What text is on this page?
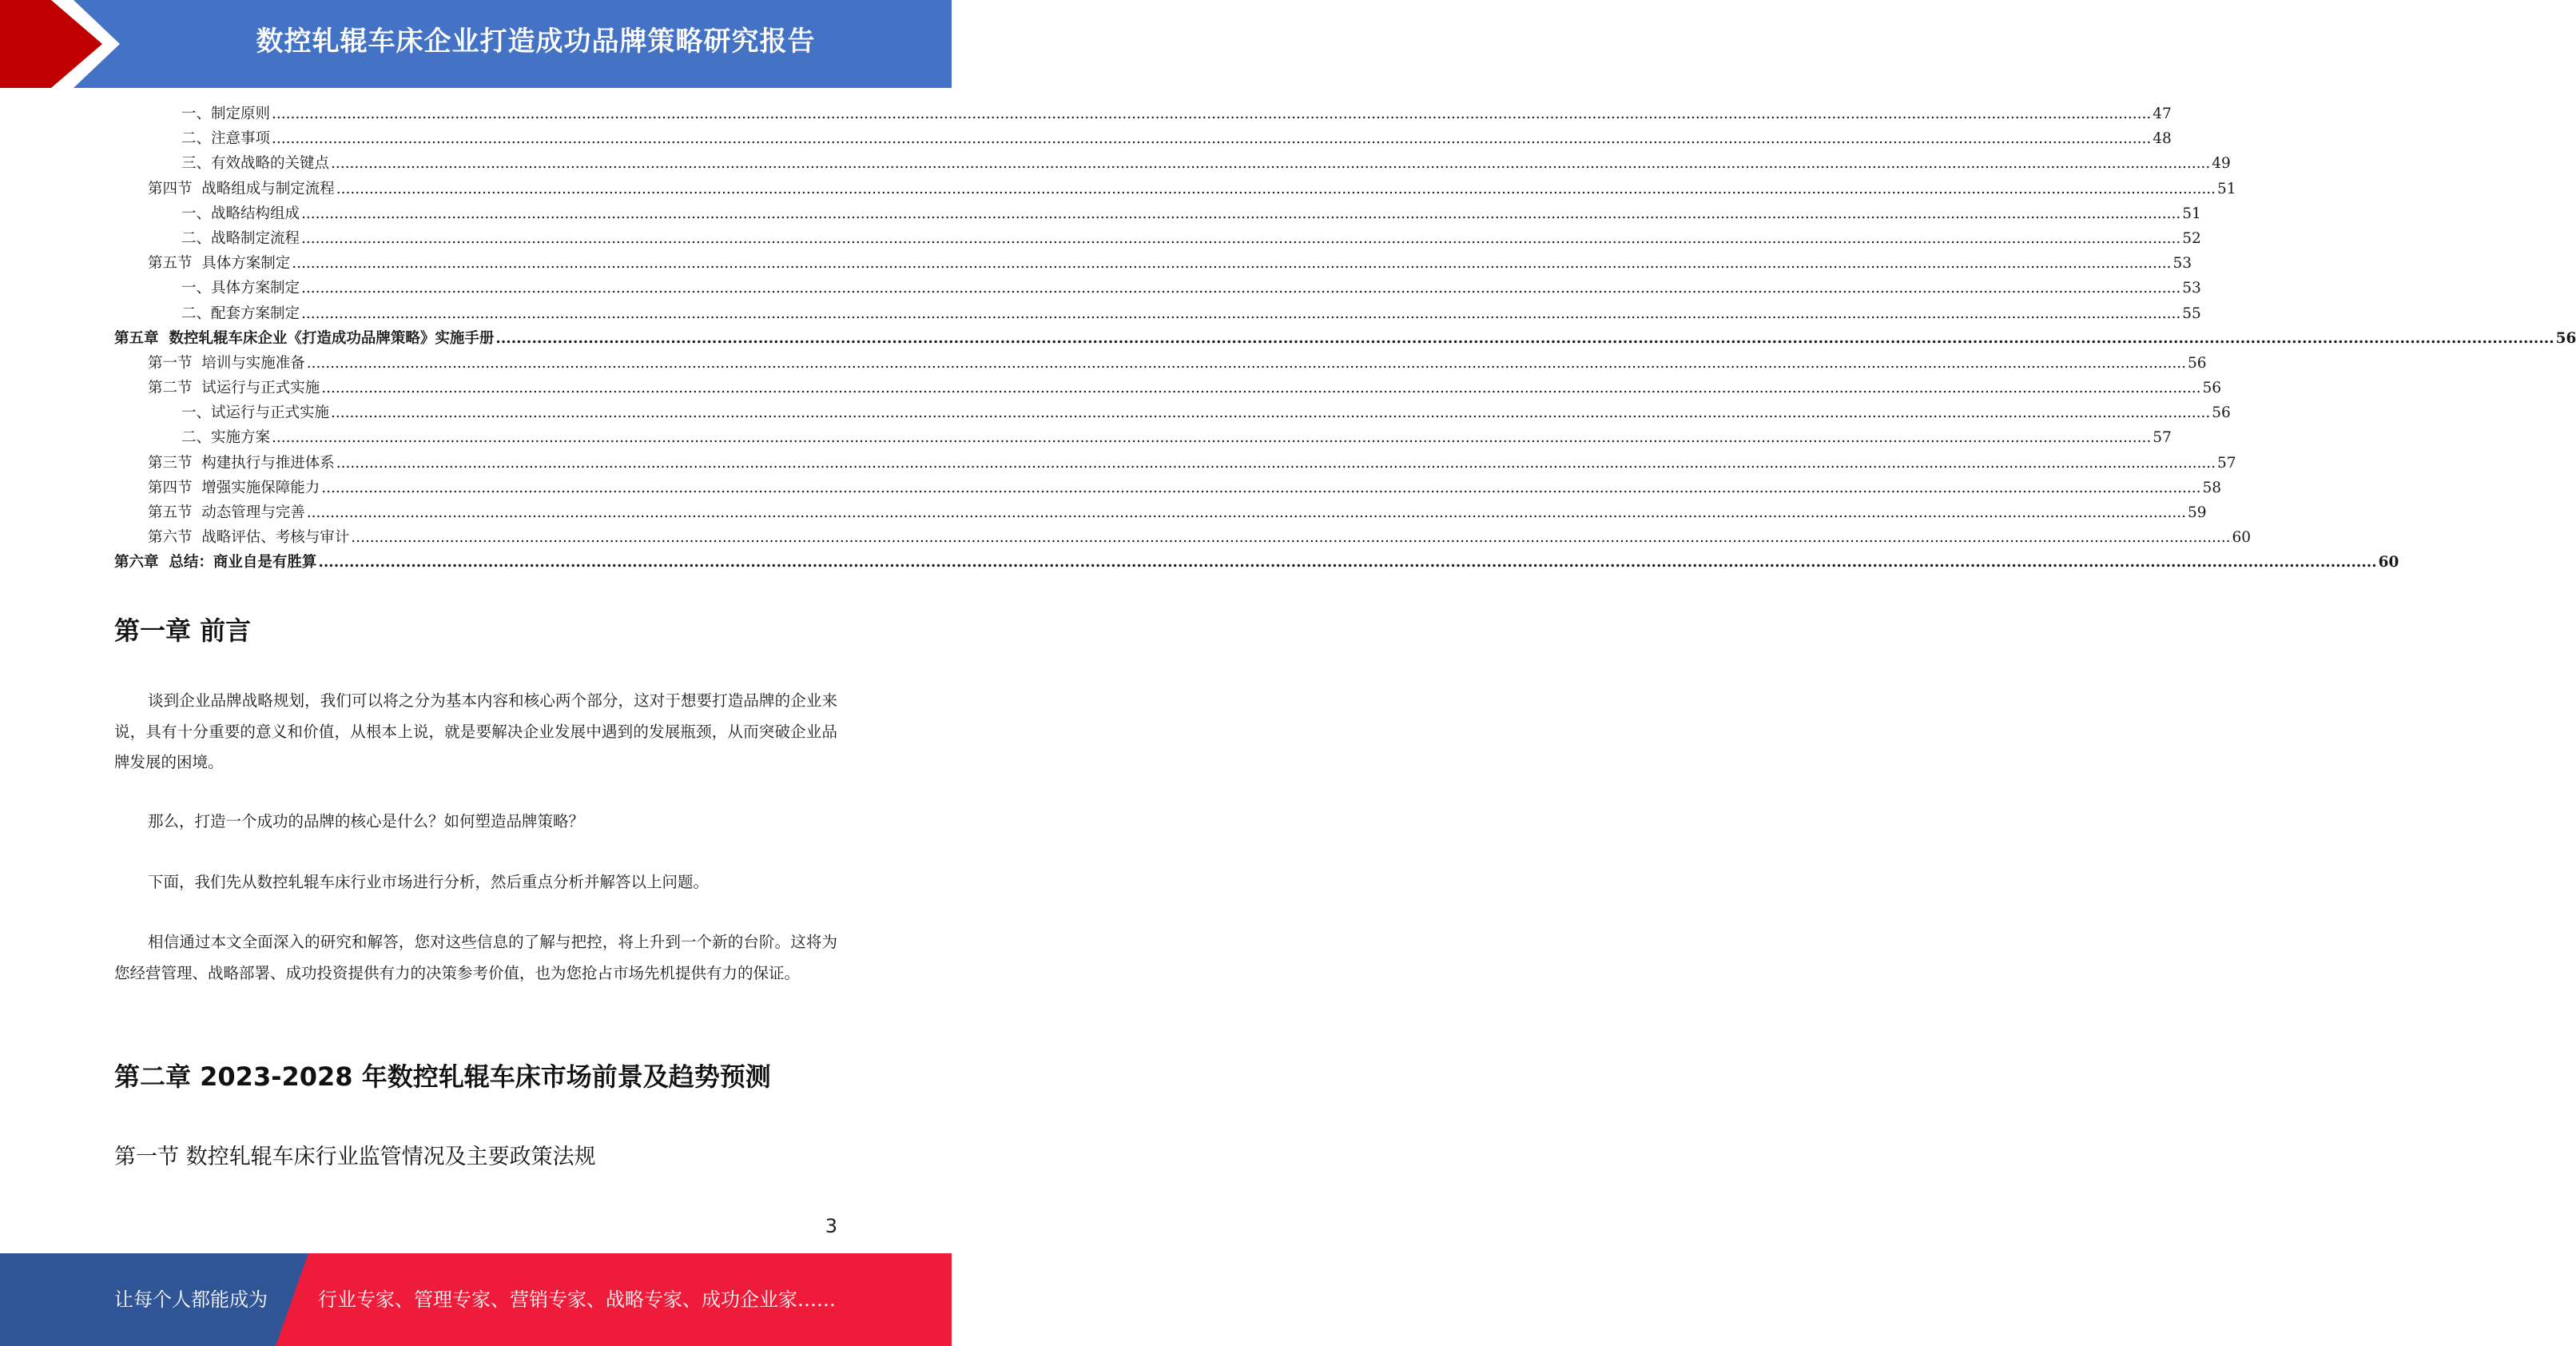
数控轧辊车床企业打造成功品牌策略研究报告
一、制定原则 ................................................................................................................................................................................................................................................................................................................................................................................................................ 47
二、注意事项 ................................................................................................................................................................................................................................................................................................................................................................................................................ 48
三、有效战略的关键点 ................................................................................................................................................................................................................................................................................................................................................................................................................ 49
第四节  战略组成与制定流程 ................................................................................................................................................................................................................................................................................................................................................................................................................ 51
一、战略结构组成 ................................................................................................................................................................................................................................................................................................................................................................................................................ 51
二、战略制定流程 ................................................................................................................................................................................................................................................................................................................................................................................................................ 52
第五节  具体方案制定 ................................................................................................................................................................................................................................................................................................................................................................................................................ 53
一、具体方案制定 ................................................................................................................................................................................................................................................................................................................................................................................................................ 53
二、配套方案制定 ................................................................................................................................................................................................................................................................................................................................................................................................................ 55
第五章  数控轧辊车床企业《打造成功品牌策略》实施手册 ................................................................................................................................................................................................................................................................................................................................................................................................................ 56
第一节  培训与实施准备 ................................................................................................................................................................................................................................................................................................................................................................................................................ 56
第二节  试运行与正式实施 ................................................................................................................................................................................................................................................................................................................................................................................................................ 56
一、试运行与正式实施 ................................................................................................................................................................................................................................................................................................................................................................................................................ 56
二、实施方案 ................................................................................................................................................................................................................................................................................................................................................................................................................ 57
第三节  构建执行与推进体系 ................................................................................................................................................................................................................................................................................................................................................................................................................ 57
第四节  增强实施保障能力 ................................................................................................................................................................................................................................................................................................................................................................................................................ 58
第五节  动态管理与完善 ................................................................................................................................................................................................................................................................................................................................................................................................................ 59
第六节  战略评估、考核与审计 ................................................................................................................................................................................................................................................................................................................................................................................................................ 60
第六章  总结：商业自是有胜算 ................................................................................................................................................................................................................................................................................................................................................................................................................ 60
第一章 前言

谈到企业品牌战略规划，我们可以将之分为基本内容和核心两个部分，这对于想要打造品牌的企业来说，具有十分重要的意义和价值，从根本上说，就是要解决企业发展中遇到的发展瓶颈，从而突破企业品牌发展的困境。

那么，打造一个成功的品牌的核心是什么？如何塑造品牌策略？

下面，我们先从数控轧辊车床行业市场进行分析，然后重点分析并解答以上问题。

相信通过本文全面深入的研究和解答，您对这些信息的了解与把控，将上升到一个新的台阶。这将为您经营管理、战略部署、成功投资提供有力的决策参考价值，也为您抢占市场先机提供有力的保证。

第二章 2023-2028 年数控轧辊车床市场前景及趋势预测
第一节 数控轧辊车床行业监管情况及主要政策法规
3
让每个人都能成为	行业专家、管理专家、营销专家、战略专家、成功企业家……
